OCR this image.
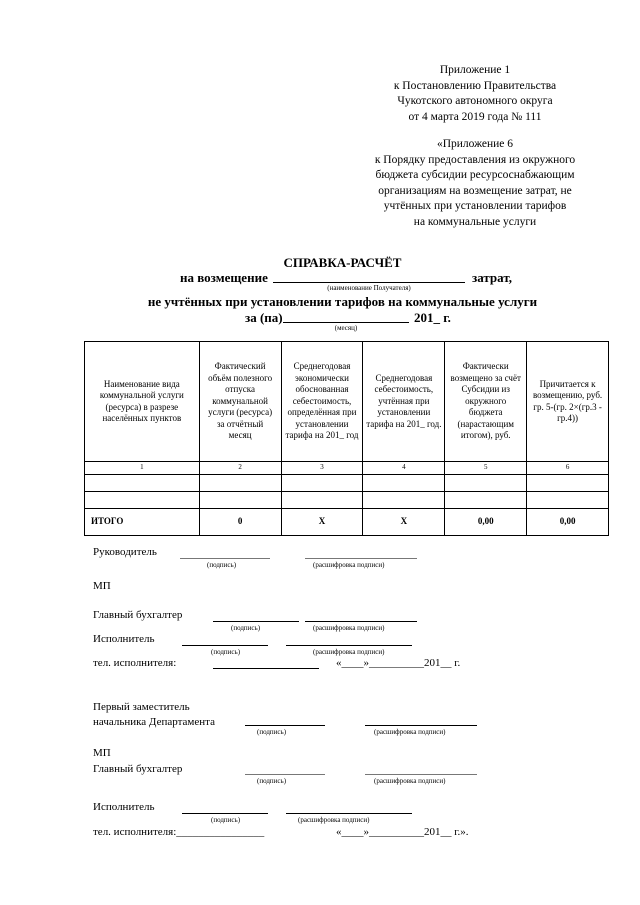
Приложение 1
к Постановлению Правительства
Чукотского автономного округа
от 4 марта 2019 года № 111
«Приложение 6
к Порядку предоставления из окружного
бюджета субсидии ресурсоснабжающим
организациям на возмещение затрат, не
учтённых при установлении тарифов
на коммунальные услуги
СПРАВКА-РАСЧЁТ
на возмещение	затрат,
(наименование Получателя)
не учтённых при установлении тарифов на коммунальные услуги
за (па)	201_ г.
(месяц)
Наименование вида коммунальной услуги (ресурса) в разрезе населённых пунктов	Фактический объём полезного отпуска коммунальной услуги (ресурса) за отчётный месяц	Среднегодовая экономически обоснованная себестоимость, определённая при установлении тарифа на 201_ год	Среднегодовая себестоимость, учтённая при установлении тарифа на 201_ год.	Фактически возмещено за счёт Субсидии из окружного бюджета (нарастающим итогом), руб.	Причитается к возмещению, руб. гр. 5-(гр. 2×(гр.3 - гр.4))
1	2	3	4	5	6

ИТОГО	0	Х	Х	0,00	0,00
Руководитель
(подпись)	(расшифровка подписи)
МП
Главный бухгалтер
(подпись)	(расшифровка подписи)
Исполнитель
(подпись)	(расшифровка подписи)
тел. исполнителя:	«____»__________201__ г.
Первый заместитель
начальника Департамента
(подпись)	(расшифровка подписи)
МП
Главный бухгалтер
(подпись)	(расшифровка подписи)
Исполнитель
(подпись)	(расшифровка подписи)
тел. исполнителя:________________	«____»__________201__ г.».
